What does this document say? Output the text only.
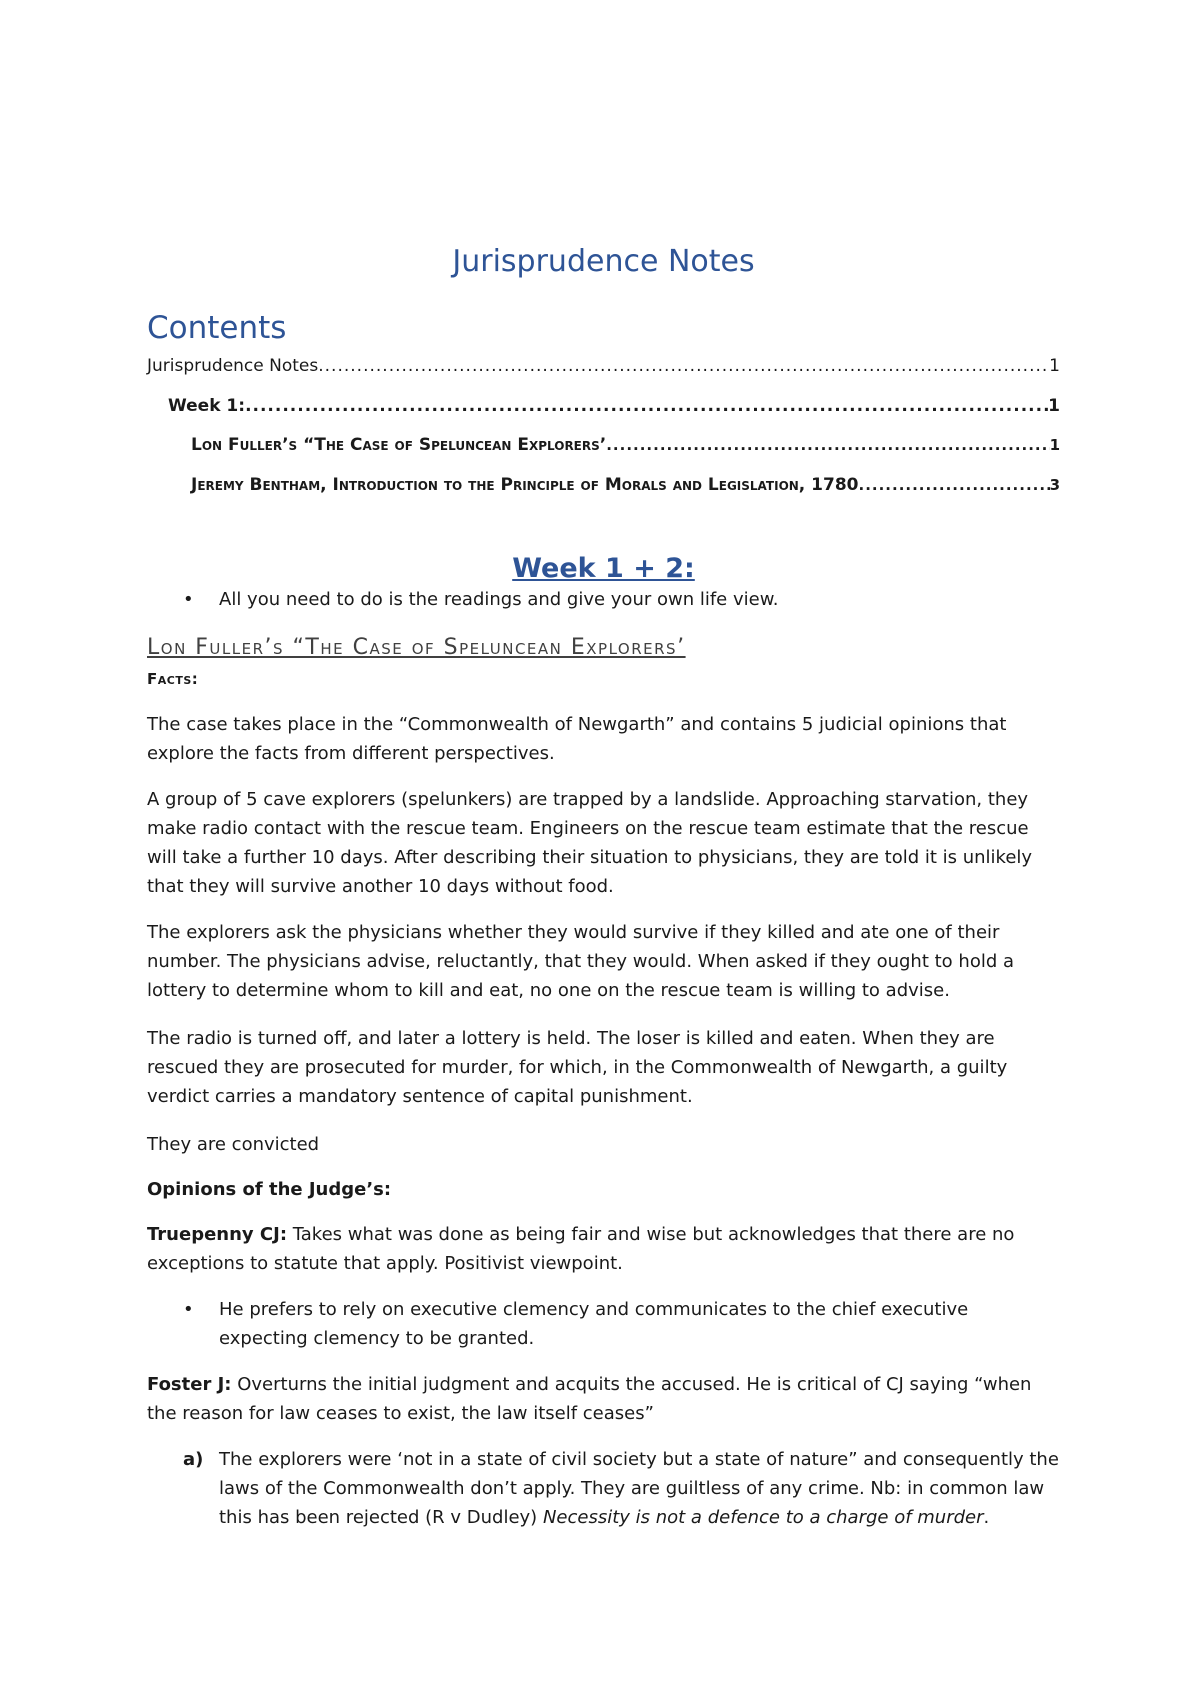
Jurisprudence Notes
Contents
Jurisprudence Notes .....	1
Week 1: .....	1
Lon Fuller’s “The Case of Speluncean Explorers’ .....	1
Jeremy Bentham, Introduction to the Principle of Morals and Legislation, 1780 .....	3
Week 1 + 2:
• All you need to do is the readings and give your own life view.
Lon Fuller’s “The Case of Speluncean Explorers’
Facts:

The case takes place in the “Commonwealth of Newgarth” and contains 5 judicial opinions that explore the facts from different perspectives.

A group of 5 cave explorers (spelunkers) are trapped by a landslide. Approaching starvation, they make radio contact with the rescue team. Engineers on the rescue team estimate that the rescue will take a further 10 days. After describing their situation to physicians, they are told it is unlikely that they will survive another 10 days without food.

The explorers ask the physicians whether they would survive if they killed and ate one of their number. The physicians advise, reluctantly, that they would. When asked if they ought to hold a lottery to determine whom to kill and eat, no one on the rescue team is willing to advise.

The radio is turned off, and later a lottery is held. The loser is killed and eaten. When they are rescued they are prosecuted for murder, for which, in the Commonwealth of Newgarth, a guilty verdict carries a mandatory sentence of capital punishment.

They are convicted

Opinions of the Judge’s:

Truepenny CJ: Takes what was done as being fair and wise but acknowledges that there are no exceptions to statute that apply. Positivist viewpoint.

• He prefers to rely on executive clemency and communicates to the chief executive expecting clemency to be granted.

Foster J: Overturns the initial judgment and acquits the accused. He is critical of CJ saying “when the reason for law ceases to exist, the law itself ceases”

a) The explorers were ‘not in a state of civil society but a state of nature” and consequently the laws of the Commonwealth don’t apply. They are guiltless of any crime. Nb: in common law this has been rejected (R v Dudley) Necessity is not a defence to a charge of murder.
